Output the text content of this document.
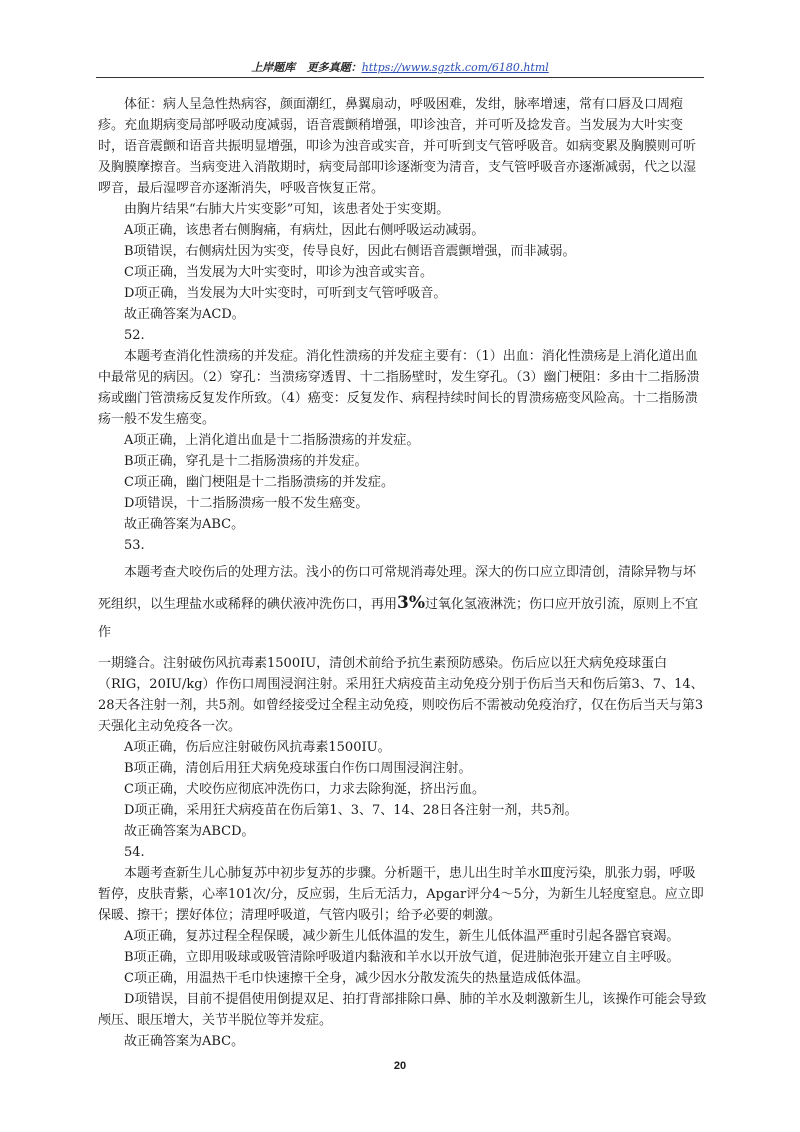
上岸题库 更多真题：https://www.sgztk.com/6180.html

体征：病人呈急性热病容，颜面潮红，鼻翼扇动，呼吸困难，发绀，脉率增速，常有口唇及口周疱疹。充血期病变局部呼吸动度减弱，语音震颤稍增强，叩诊浊音，并可听及捻发音。当发展为大叶实变时，语音震颤和语音共振明显增强，叩诊为浊音或实音，并可听到支气管呼吸音。如病变累及胸膜则可听及胸膜摩擦音。当病变进入消散期时，病变局部叩诊逐渐变为清音，支气管呼吸音亦逐渐减弱，代之以湿啰音，最后湿啰音亦逐渐消失，呼吸音恢复正常。

由胸片结果“右肺大片实变影”可知，该患者处于实变期。

A项正确，该患者右侧胸痛，有病灶，因此右侧呼吸运动减弱。

B项错误，右侧病灶因为实变，传导良好，因此右侧语音震颤增强，而非减弱。

C项正确，当发展为大叶实变时，叩诊为浊音或实音。

D项正确，当发展为大叶实变时，可听到支气管呼吸音。

故正确答案为ACD。

52.

本题考查消化性溃疡的并发症。消化性溃疡的并发症主要有：（1）出血：消化性溃疡是上消化道出血中最常见的病因。（2）穿孔：当溃疡穿透胃、十二指肠壁时，发生穿孔。（3）幽门梗阻：多由十二指肠溃疡或幽门管溃疡反复发作所致。（4）癌变：反复发作、病程持续时间长的胃溃疡癌变风险高。十二指肠溃疡一般不发生癌变。

A项正确，上消化道出血是十二指肠溃疡的并发症。

B项正确，穿孔是十二指肠溃疡的并发症。

C项正确，幽门梗阻是十二指肠溃疡的并发症。

D项错误，十二指肠溃疡一般不发生癌变。

故正确答案为ABC。

53.

本题考查犬咬伤后的处理方法。浅小的伤口可常规消毒处理。深大的伤口应立即清创，清除异物与坏

死组织，以生理盐水或稀释的碘伏液冲洗伤口，再用3%过氧化氢液淋洗；伤口应开放引流，原则上不宜作

一期缝合。注射破伤风抗毒素1500IU，清创术前给予抗生素预防感染。伤后应以狂犬病免疫球蛋白（RIG，20IU/kg）作伤口周围浸润注射。采用狂犬病疫苗主动免疫分别于伤后当天和伤后第3、7、14、28天各注射一剂，共5剂。如曾经接受过全程主动免疫，则咬伤后不需被动免疫治疗，仅在伤后当天与第3天强化主动免疫各一次。

A项正确，伤后应注射破伤风抗毒素1500IU。

B项正确，清创后用狂犬病免疫球蛋白作伤口周围浸润注射。

C项正确，犬咬伤应彻底冲洗伤口，力求去除狗涎，挤出污血。

D项正确，采用狂犬病疫苗在伤后第1、3、7、14、28日各注射一剂，共5剂。

故正确答案为ABCD。

54.

本题考查新生儿心肺复苏中初步复苏的步骤。分析题干，患儿出生时羊水Ⅲ度污染，肌张力弱，呼吸暂停，皮肤青紫，心率101次/分，反应弱，生后无活力，Apgar评分4～5分，为新生儿轻度窒息。应立即保暖、擦干；摆好体位；清理呼吸道，气管内吸引；给予必要的刺激。

A项正确，复苏过程全程保暖，减少新生儿低体温的发生，新生儿低体温严重时引起各器官衰竭。

B项正确，立即用吸球或吸管清除呼吸道内黏液和羊水以开放气道，促进肺泡张开建立自主呼吸。

C项正确，用温热干毛巾快速擦干全身，减少因水分散发流失的热量造成低体温。

D项错误，目前不提倡使用倒提双足、拍打背部排除口鼻、肺的羊水及刺激新生儿，该操作可能会导致颅压、眼压增大，关节半脱位等并发症。

故正确答案为ABC。

20
